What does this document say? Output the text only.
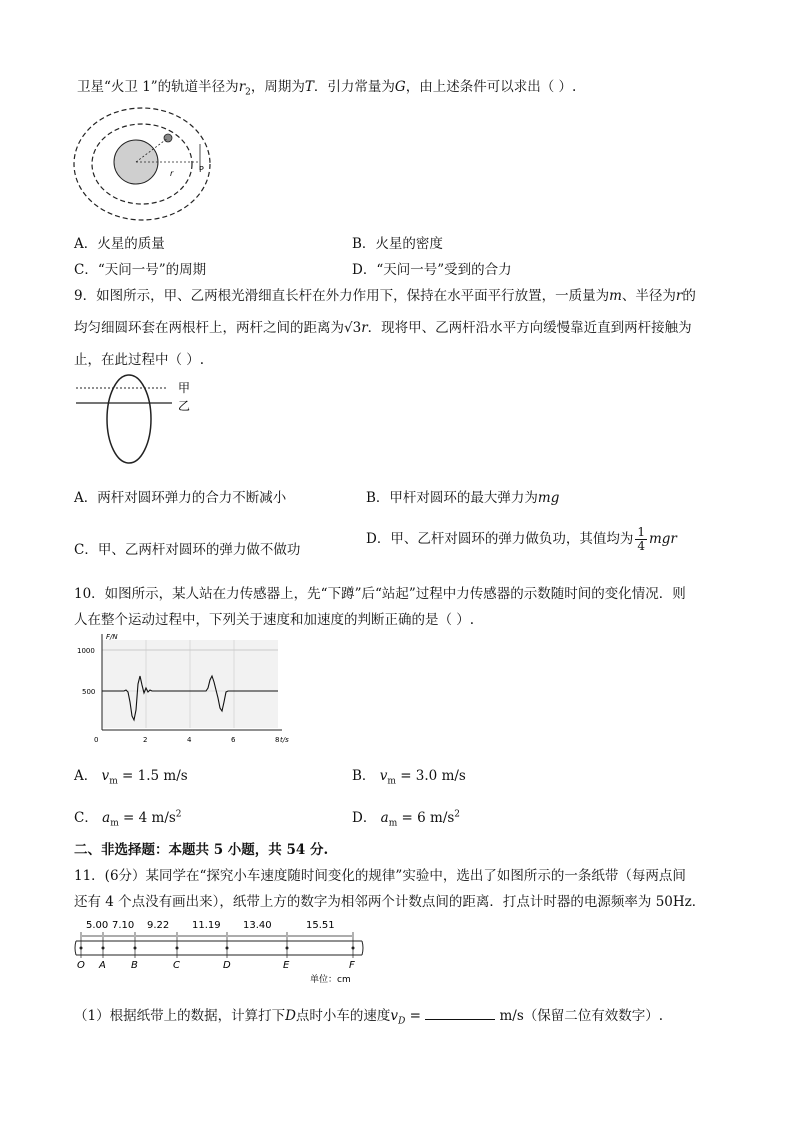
卫星“火卫 1”的轨道半径为$r_2$，周期为T．引力常量为G，由上述条件可以求出（ ）.
P
r
A．火星的质量	B．火星的密度
C．“天问一号”的周期	D．“天问一号”受到的合力
9．如图所示，甲、乙两根光滑细直长杆在外力作用下，保持在水平面平行放置，一质量为m、半径为r的
均匀细圆环套在两根杆上，两杆之间的距离为√3r．现将甲、乙两杆沿水平方向缓慢靠近直到两杆接触为
止，在此过程中（ ）.
甲
乙
A．两杆对圆环弹力的合力不断减小	B．甲杆对圆环的最大弹力为mg
C．甲、乙两杆对圆环的弹力做不做功
D．甲、乙杆对圆环的弹力做负功，其值均为 $\frac{1}{4}$ mgr
10．如图所示，某人站在力传感器上，先“下蹲”后“站起”过程中力传感器的示数随时间的变化情况．则
人在整个运动过程中，下列关于速度和加速度的判断正确的是（ ）.
F/N
t/s
1000
500
0	2	4	6	8
A． $v_m = 1.5$ m/s	B． $v_m = 3.0$ m/s
C． $a_m = 4$ $m/s^2$	D． $a_m = 6$ $m/s^2$
二、非选择题：本题共 5 小题，共 54 分.
11．(6分）某同学在“探究小车速度随时间变化的规律”实验中，选出了如图所示的一条纸带（每两点间
还有 4 个点没有画出来），纸带上方的数字为相邻两个计数点间的距离．打点计时器的电源频率为 50Hz．
5.00 7.10 9.22 11.19 13.40	15.51
O A	B	C	D	E	F
单位：cm
（1）根据纸带上的数据，计算打下D点时小车的速度$v_D$ =	m/s（保留二位有效数字）.
